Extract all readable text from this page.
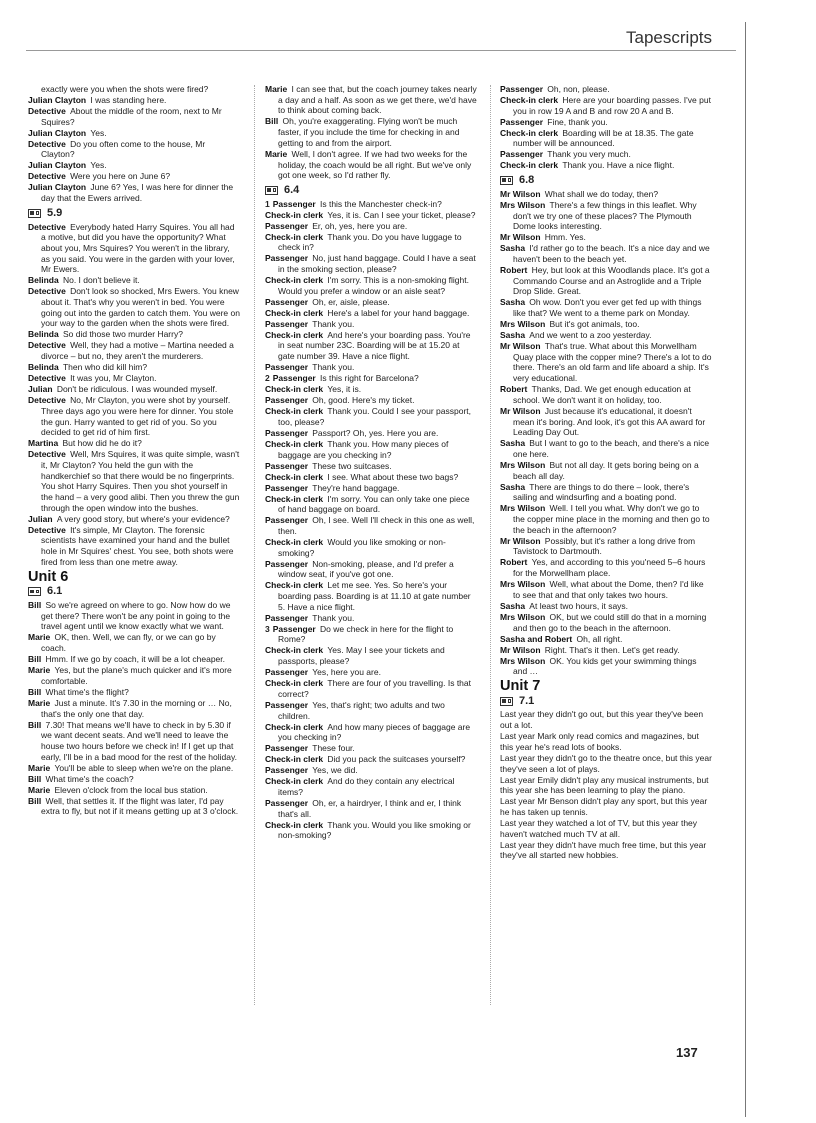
Tapescripts
exactly were you when the shots were fired?
Julian Clayton  I was standing here.
Detective  About the middle of the room, next to Mr Squires?
Julian Clayton  Yes.
Detective  Do you often come to the house, Mr Clayton?
Julian Clayton  Yes.
Detective  Were you here on June 6?
Julian Clayton  June 6? Yes, I was here for dinner the day that the Ewers arrived.
5.9
Detective  Everybody hated Harry Squires. You all had a motive, but did you have the opportunity? What about you, Mrs Squires? You weren't in the library, as you said. You were in the garden with your lover, Mr Ewers.
Belinda  No. I don't believe it.
Detective  Don't look so shocked, Mrs Ewers. You knew about it. That's why you weren't in bed. You were going out into the garden to catch them. You were on your way to the garden when the shots were fired.
Belinda  So did those two murder Harry?
Detective  Well, they had a motive – Martina needed a divorce – but no, they aren't the murderers.
Belinda  Then who did kill him?
Detective  It was you, Mr Clayton.
Julian  Don't be ridiculous. I was wounded myself.
Detective  No, Mr Clayton, you were shot by yourself. Three days ago you were here for dinner. You stole the gun. Harry wanted to get rid of you. So you decided to get rid of him first.
Martina  But how did he do it?
Detective  Well, Mrs Squires, it was quite simple, wasn't it, Mr Clayton? You held the gun with the handkerchief so that there would be no fingerprints. You shot Harry Squires. Then you shot yourself in the hand – a very good alibi. Then you threw the gun through the open window into the bushes.
Julian  A very good story, but where's your evidence?
Detective  It's simple, Mr Clayton. The forensic scientists have examined your hand and the bullet hole in Mr Squires' chest. You see, both shots were fired from less than one metre away.
Unit 6
6.1
Bill  So we're agreed on where to go. Now how do we get there? There won't be any point in going to the travel agent until we know exactly what we want.
Marie  OK, then. Well, we can fly, or we can go by coach.
Bill  Hmm. If we go by coach, it will be a lot cheaper.
Marie  Yes, but the plane's much quicker and it's more comfortable.
Bill  What time's the flight?
Marie  Just a minute. It's 7.30 in the morning or … No, that's the only one that day.
Bill  7.30! That means we'll have to check in by 5.30 if we want decent seats. And we'll need to leave the house two hours before we check in! If I get up that early, I'll be in a bad mood for the rest of the holiday.
Marie  You'll be able to sleep when we're on the plane.
Bill  What time's the coach?
Marie  Eleven o'clock from the local bus station.
Bill  Well, that settles it. If the flight was later, I'd pay extra to fly, but not if it means getting up at 3 o'clock.
Marie  I can see that, but the coach journey takes nearly a day and a half. As soon as we get there, we'd have to think about coming back.
Bill  Oh, you're exaggerating. Flying won't be much faster, if you include the time for checking in and getting to and from the airport.
Marie  Well, I don't agree. If we had two weeks for the holiday, the coach would be all right. But we've only got one week, so I'd rather fly.
6.4
1 Passenger  Is this the Manchester check-in?
Check-in clerk  Yes, it is. Can I see your ticket, please?
Passenger  Er, oh, yes, here you are.
Check-in clerk  Thank you. Do you have luggage to check in?
Passenger  No, just hand baggage. Could I have a seat in the smoking section, please?
Check-in clerk  I'm sorry. This is a non-smoking flight. Would you prefer a window or an aisle seat?
Passenger  Oh, er, aisle, please.
Check-in clerk  Here's a label for your hand baggage.
Passenger  Thank you.
Check-in clerk  And here's your boarding pass. You're in seat number 23C. Boarding will be at 15.20 at gate number 39. Have a nice flight.
Passenger  Thank you.
2 Passenger  Is this right for Barcelona?
Check-in clerk  Yes, it is.
Passenger  Oh, good. Here's my ticket.
Check-in clerk  Thank you. Could I see your passport, too, please?
Passenger  Passport? Oh, yes. Here you are.
Check-in clerk  Thank you. How many pieces of baggage are you checking in?
Passenger  These two suitcases.
Check-in clerk  I see. What about these two bags?
Passenger  They're hand baggage.
Check-in clerk  I'm sorry. You can only take one piece of hand baggage on board.
Passenger  Oh, I see. Well I'll check in this one as well, then.
Check-in clerk  Would you like smoking or non-smoking?
Passenger  Non-smoking, please, and I'd prefer a window seat, if you've got one.
Check-in clerk  Let me see. Yes. So here's your boarding pass. Boarding is at 11.10 at gate number 5. Have a nice flight.
Passenger  Thank you.
3 Passenger  Do we check in here for the flight to Rome?
Check-in clerk  Yes. May I see your tickets and passports, please?
Passenger  Yes, here you are.
Check-in clerk  There are four of you travelling. Is that correct?
Passenger  Yes, that's right; two adults and two children.
Check-in clerk  And how many pieces of baggage are you checking in?
Passenger  These four.
Check-in clerk  Did you pack the suitcases yourself?
Passenger  Yes, we did.
Check-in clerk  And do they contain any electrical items?
Passenger  Oh, er, a hairdryer, I think and er, I think that's all.
Check-in clerk  Thank you. Would you like smoking or non-smoking?
Passenger  Oh, non, please.
Check-in clerk  Here are your boarding passes. I've put you in row 19 A and B and row 20 A and B.
Passenger  Fine, thank you.
Check-in clerk  Boarding will be at 18.35. The gate number will be announced.
Passenger  Thank you very much.
Check-in clerk  Thank you. Have a nice flight.
6.8
Mr Wilson  What shall we do today, then?
Mrs Wilson  There's a few things in this leaflet. Why don't we try one of these places? The Plymouth Dome looks interesting.
Mr Wilson  Hmm. Yes.
Sasha  I'd rather go to the beach. It's a nice day and we haven't been to the beach yet.
Robert  Hey, but look at this Woodlands place. It's got a Commando Course and an Astroglide and a Triple Drop Slide. Great.
Sasha  Oh wow. Don't you ever get fed up with things like that? We went to a theme park on Monday.
Mrs Wilson  But it's got animals, too.
Sasha  And we went to a zoo yesterday.
Mr Wilson  That's true. What about this Morwellham Quay place with the copper mine? There's a lot to do there. There's an old farm and life aboard a ship. It's very educational.
Robert  Thanks, Dad. We get enough education at school. We don't want it on holiday, too.
Mr Wilson  Just because it's educational, it doesn't mean it's boring. And look, it's got this AA award for Leading Day Out.
Sasha  But I want to go to the beach, and there's a nice one here.
Mrs Wilson  But not all day. It gets boring being on a beach all day.
Sasha  There are things to do there – look, there's sailing and windsurfing and a boating pond.
Mrs Wilson  Well. I tell you what. Why don't we go to the copper mine place in the morning and then go to the beach in the afternoon?
Mr Wilson  Possibly, but it's rather a long drive from Tavistock to Dartmouth.
Robert  Yes, and according to this you'need 5–6 hours for the Morwellham place.
Mrs Wilson  Well, what about the Dome, then? I'd like to see that and that only takes two hours.
Sasha  At least two hours, it says.
Mrs Wilson  OK, but we could still do that in a morning and then go to the beach in the afternoon.
Sasha and Robert  Oh, all right.
Mr Wilson  Right. That's it then. Let's get ready.
Mrs Wilson  OK. You kids get your swimming things and …
Unit 7
7.1
Last year they didn't go out, but this year they've been out a lot.
Last year Mark only read comics and magazines, but this year he's read lots of books.
Last year they didn't go to the theatre once, but this year they've seen a lot of plays.
Last year Emily didn't play any musical instruments, but this year she has been learning to play the piano.
Last year Mr Benson didn't play any sport, but this year he has taken up tennis.
Last year they watched a lot of TV, but this year they haven't watched much TV at all.
Last year they didn't have much free time, but this year they've all started new hobbies.
137
